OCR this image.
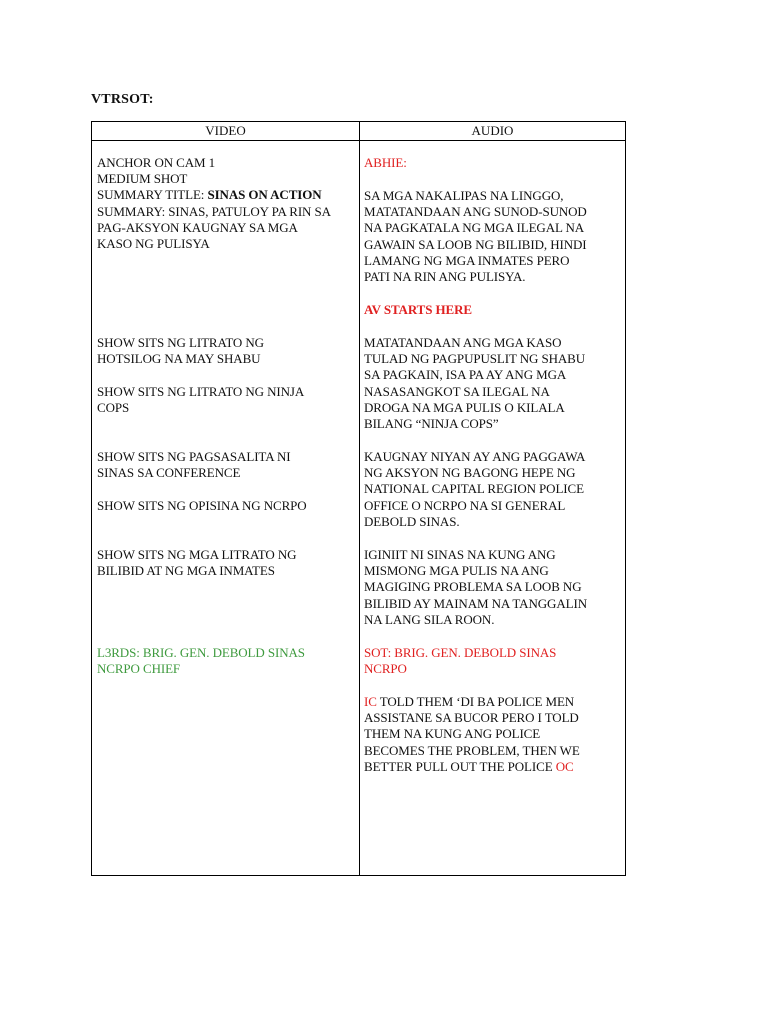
VTRSOT:
VIDEO	AUDIO
ANCHOR ON CAM 1
MEDIUM SHOT
SUMMARY TITLE: SINAS ON ACTION
SUMMARY: SINAS, PATULOY PA RIN SA
PAG-AKSYON KAUGNAY SA MGA
KASO NG PULISYA
SHOW SITS NG LITRATO NG
HOTSILOG NA MAY SHABU
SHOW SITS NG LITRATO NG NINJA
COPS
SHOW SITS NG PAGSASALITA NI
SINAS SA CONFERENCE
SHOW SITS NG OPISINA NG NCRPO
SHOW SITS NG MGA LITRATO NG
BILIBID AT NG MGA INMATES
L3RDS: BRIG. GEN. DEBOLD SINAS
NCRPO CHIEF
ABHIE:
SA MGA NAKALIPAS NA LINGGO,
MATATANDAAN ANG SUNOD-SUNOD
NA PAGKATALA NG MGA ILEGAL NA
GAWAIN SA LOOB NG BILIBID, HINDI
LAMANG NG MGA INMATES PERO
PATI NA RIN ANG PULISYA.
AV STARTS HERE
MATATANDAAN ANG MGA KASO
TULAD NG PAGPUPUSLIT NG SHABU
SA PAGKAIN, ISA PA AY ANG MGA
NASASANGKOT SA ILEGAL NA
DROGA NA MGA PULIS O KILALA
BILANG “NINJA COPS”
KAUGNAY NIYAN AY ANG PAGGAWA
NG AKSYON NG BAGONG HEPE NG
NATIONAL CAPITAL REGION POLICE
OFFICE O NCRPO NA SI GENERAL
DEBOLD SINAS.
IGINIIT NI SINAS NA KUNG ANG
MISMONG MGA PULIS NA ANG
MAGIGING PROBLEMA SA LOOB NG
BILIBID AY MAINAM NA TANGGALIN
NA LANG SILA ROON.
SOT: BRIG. GEN. DEBOLD SINAS
NCRPO
IC TOLD THEM ‘DI BA POLICE MEN
ASSISTANE SA BUCOR PERO I TOLD
THEM NA KUNG ANG POLICE
BECOMES THE PROBLEM, THEN WE
BETTER PULL OUT THE POLICE OC
